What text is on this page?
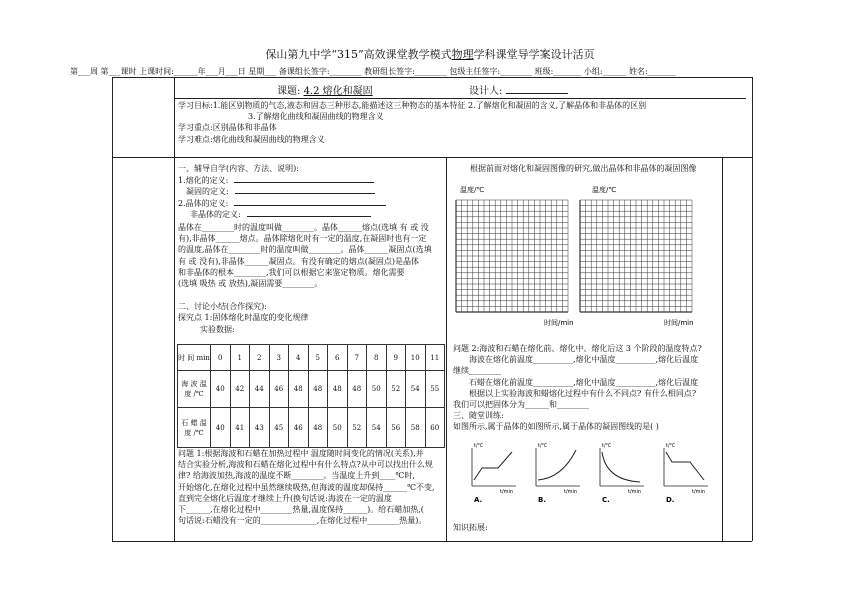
保山第九中学“315”高效课堂教学模式物理学科课堂导学案设计活页
第___周 第___课时 上课时间:______年___月___日 星期___ 备课组长签字:________ 教研组长签字:________ 包级主任签字:________ 班级:_______ 小组:______ 姓名:_______
课题: 4.2 熔化和凝固	设计人:
学习目标:1.能区别物质的气态,液态和固态三种形态,能描述这三种物态的基本特征 2.了解熔化和凝固的含义,了解晶体和非晶体的区别
3.了解熔化曲线和凝固曲线的物理含义
学习重点:区别晶体和非晶体
学习难点:熔化曲线和凝固曲线的物理含义
一、辅导自学(内容、方法、说明):
1.熔化的定义:
凝固的定义:
2.晶体的定义:
非晶体的定义:
晶体在________时的温度叫做________。晶体______熔点(选填 有 或 没
有),非晶体______熔点。晶体除熔化时有一定的温度,在凝固时也有一定
的温度,晶体在________时的温度叫做________。晶体______凝固点(选填
有 或 没有),非晶体______凝固点。有没有确定的熔点(凝固点)是晶体
和非晶体的根本________,我们可以根据它来鉴定物质。熔化需要
(选填 吸热 或 放热),凝固需要________。
二、讨论小结(合作探究):
探究点 1:固体熔化时温度的变化规律
实验数据:
时 间 min	0	1	2	3	4	5	6	7	8	9	10	11
海 波 温 度 /℃	40	42	44	46	48	48	48	48	50	52	54	55
石 蜡 温 度 /℃	40	41	43	45	46	48	50	52	54	56	58	60
问题 1:根据海波和石蜡在加热过程中 温度随时间变化的情况(关系),并
结合实验分析,海波和石蜡在熔化过程中有什么特点?从中可以找出什么规
律? 给海波加热,海波的温度不断________。当温度上升到____℃时,
开始熔化,在熔化过程中虽然继续吸热,但海波的温度却保持______℃不变,
直到完全熔化后温度才继续上升(换句话说:海波在一定的温度
下______,在熔化过程中________热量,温度保持______)。给石蜡加热,(
句话说:石蜡没有一定的______________,在熔化过程中________热量)。
根据前面对熔化和凝固图像的研究,做出晶体和非晶体的凝固图像
温度/℃	温度/℃
时间/min	时间/min
问题 2:海波和石蜡在熔化前、熔化中、熔化后这 3 个阶段的温度特点?
海波在熔化前温度__________,熔化中温度__________,熔化后温度
继续________
石蜡在熔化前温度__________,熔化中温度__________,熔化后温度
根据以上实验海波和蜡熔化过程中有什么不同点? 有什么相同点?
我们可以把固体分为______和________
三、随堂训练:
如图所示,属于晶体的如图所示,属于晶体的凝固图线的是( )
t/℃
t/min
A.
t/℃
t/min
B.
t/℃
t/min
C.
t/℃
t/min
D.
知识拓展:
